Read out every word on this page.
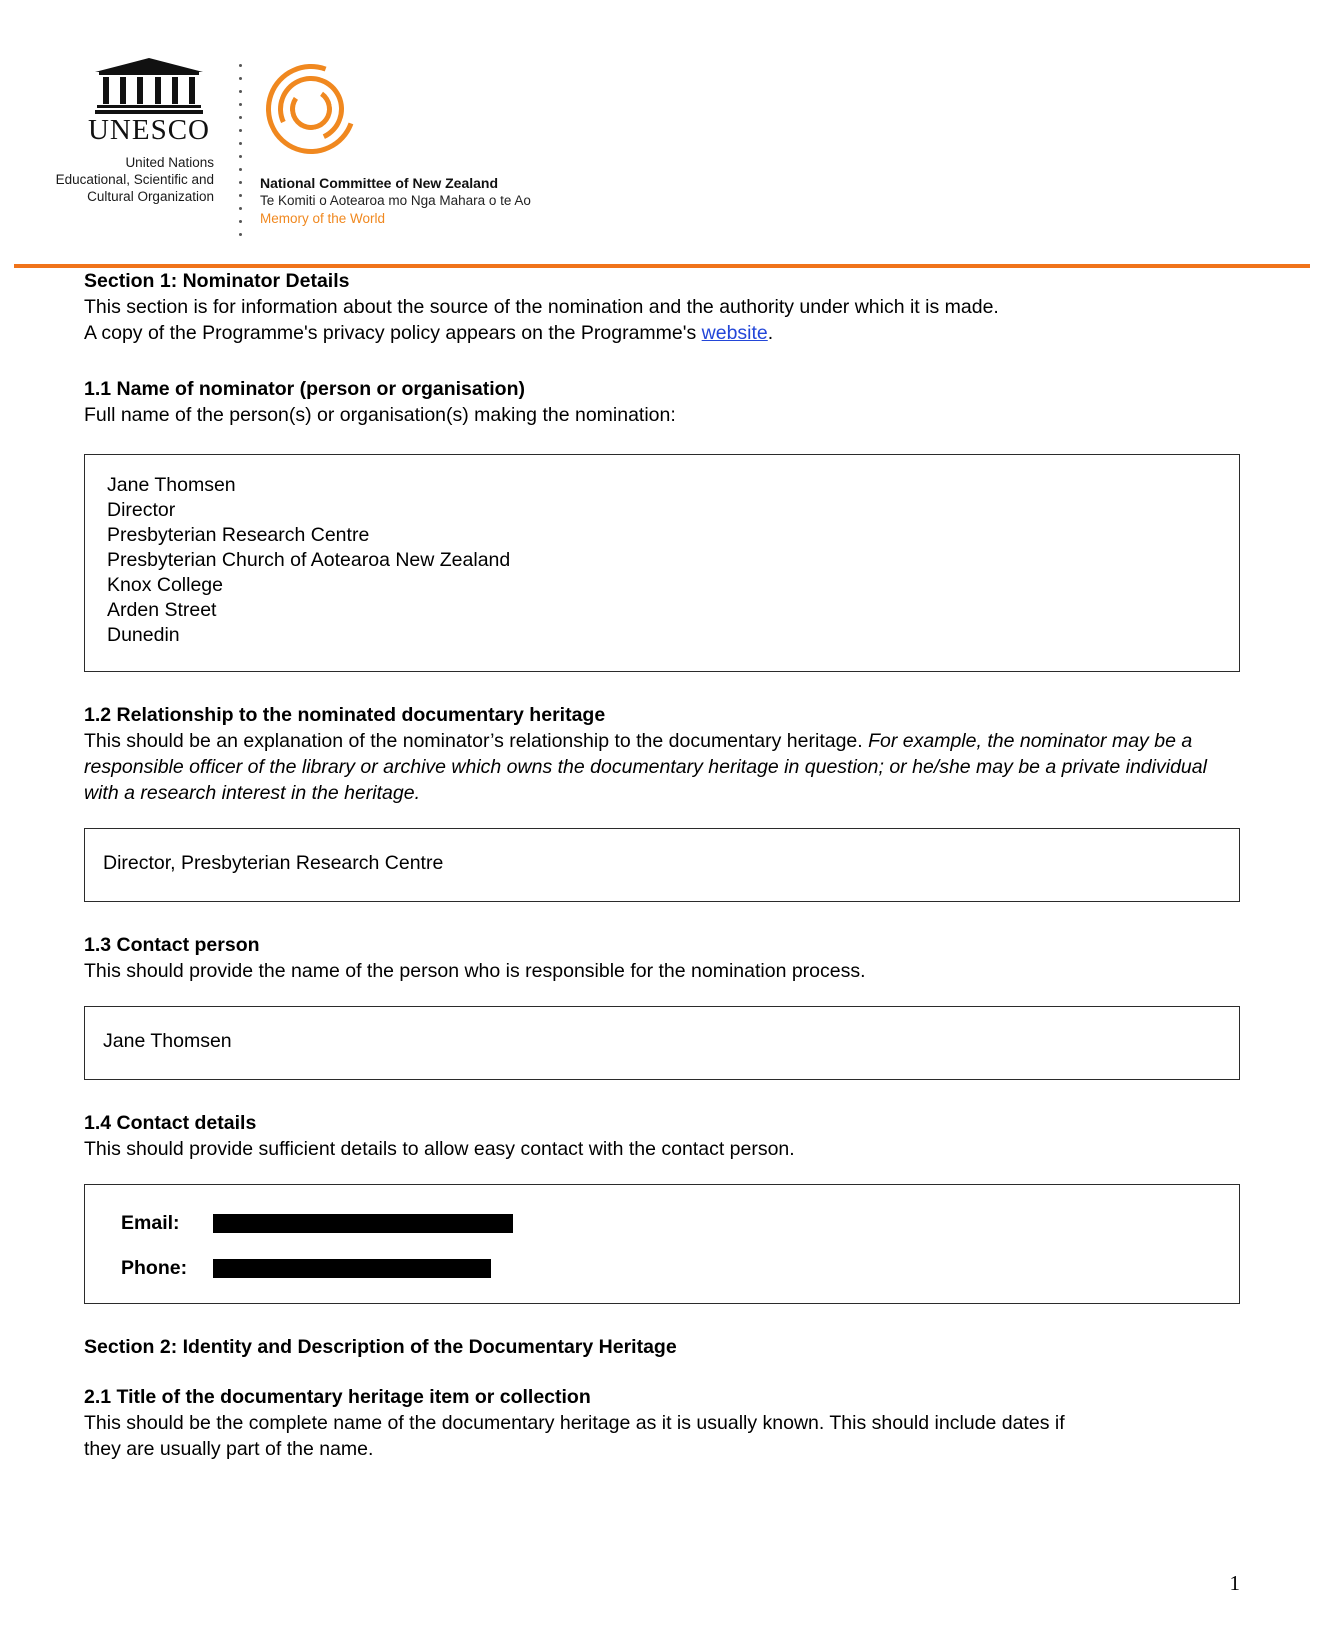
UNESCO
United Nations
Educational, Scientific and
Cultural Organization
National Committee of New Zealand
Te Komiti o Aotearoa mo Nga Mahara o te Ao
Memory of the World
Section 1: Nominator Details
This section is for information about the source of the nomination and the authority under which it is made.
A copy of the Programme's privacy policy appears on the Programme's website.
1.1 Name of nominator (person or organisation)
Full name of the person(s) or organisation(s) making the nomination:
Jane Thomsen
Director
Presbyterian Research Centre
Presbyterian Church of Aotearoa New Zealand
Knox College
Arden Street
Dunedin
1.2 Relationship to the nominated documentary heritage
This should be an explanation of the nominator’s relationship to the documentary heritage. For example, the nominator may be a responsible officer of the library or archive which owns the documentary heritage in question; or he/she may be a private individual with a research interest in the heritage.
Director, Presbyterian Research Centre
1.3 Contact person
This should provide the name of the person who is responsible for the nomination process.
Jane Thomsen
1.4 Contact details
This should provide sufficient details to allow easy contact with the contact person.
Email:
Phone:
Section 2: Identity and Description of the Documentary Heritage
2.1 Title of the documentary heritage item or collection
This should be the complete name of the documentary heritage as it is usually known. This should include dates if
they are usually part of the name.
1
